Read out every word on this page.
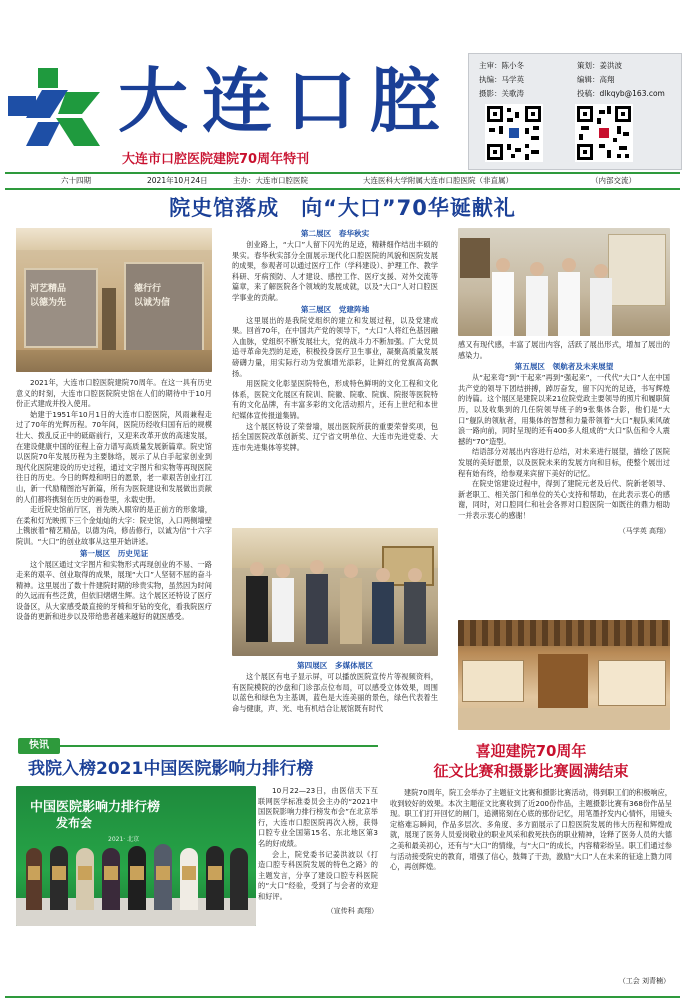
大连口腔
大连市口腔医院建院70周年特刊
主审：陈小冬	策划：姜洪波
执编：马学英	编辑：高翔
摄影：关歌涛	投稿：dlkqyb@163.com
六十四期	2021年10月24日	主办：大连市口腔医院	大连医科大学附属大连市口腔医院（非直属）	（内部交流）
院史馆落成　向“大口”70华诞献礼
河艺精品
以德为先
德行行
以诚为信

2021年，大连市口腔医院建院70周年。在这一具有历史意义的时刻，大连市口腔医院院史馆在人们的期待中于10月份正式建成并投入使用。

始建于1951年10月1日的大连市口腔医院，风雨兼程走过了70年的光辉历程。70年间，医院历经收归国有后的规模壮大、拨乱反正中的砥砺前行，又迎来改革开放的高速发展，在建设健康中国的征程上奋力谱写高质量发展新篇章。院史馆以医院70年发展历程为主要脉络，展示了从白手起家创业到现代化医院建设的历史过程，通过文字图片和实物等再现医院往日的历史。今日的辉煌和明日的愿景，老一辈艰苦创业打江山，新一代励精图治写新篇，所有为医院建设和发展做出贡献的人们都将携刻在历史的画卷里，永载史册。

走近院史馆前厅区，首先映入眼帘的是正前方的形象墙，在柔和灯光映照下三个金灿灿的大字：院史馆，入口两侧墙壁上镌嵌着“精艺精品，以德为尚，修齿修行，以诚为信”十六字院训。“大口”的创业故事从这里开始讲述。

第一展区　历史见证

这个展区通过文字图片和实物形式再现创业的不易、一路走来的艰辛、创业取得的成果，展现“大口”人坚韧不屈的奋斗精神。这里展出了数十件建院时期的珍贵实物，虽然因为时间的久远而有些泛黄，但依旧熠熠生辉。这个展区还特设了医疗设备区，从大家感受最直接的牙椅和牙钻的变化，看我院医疗设备的更新和进步以及带给患者越来越好的就医感受。

第二展区　春华秋实

创业路上，“大口”人留下闪光的足迹，精耕细作结出丰硕的果实。春华秋实部分全面展示现代化口腔医院的风貌和医院发展的成果，参观者可以通过医疗工作（学科建设）、护理工作、教学科研、牙病预防、人才建设、感控工作、医疗支援、对外交流等篇章，来了解医院各个领域的发展成就，以及“大口”人对口腔医学事业的贡献。

第三展区　党建阵地

这里展出的是我院党组织的建立和发展过程，以及党建成果。回首70年，在中国共产党的领导下，“大口”人将红色基因融入血脉，党组织不断发展壮大，党的战斗力不断加强。广大党员追寻革命先烈的足迹，积极投身医疗卫生事业，凝聚高质量发展磅礴力量，用实际行动为党旗增光添彩，让鲜红的党旗高高飘扬。

用医院文化彰显医院特色，形成特色鲜明的文化工程和文化体系，医院文化展区有院训、院徽、院歌、院旗、院报等医院特有的文化品牌，有丰富多彩的文化活动照片，还有上世纪和本世纪媒体宣传报道集锦。

这个展区特设了荣誉墙，展出医院所获的重要荣誉奖项，包括全国医院改革创新奖、辽宁省文明单位、大连市先进党委、大连市先进集体等奖牌。

第四展区　多媒体展区

这个展区有电子显示屏，可以播放医院宣传片等视频资料，有医院模院的沙盘和门诊部点位布局，可以感受立体效果，周围以蓝色和绿色为主基调，蓝色是大连美丽的景色，绿色代表着生命与健康，声、光、电有机结合让展馆既有时代

感又有现代感，丰富了展出内容，活跃了展出形式，增加了展出的感染力。

第五展区　领航者及未来展望

从“起来弯”到“干起来”再到“强起来”，一代代“大口”人在中国共产党的领导下团结拼搏，踔厉奋发，留下闪光的足迹，书写辉煌的诗篇。这个展区是建院以来21位院党政主要领导的照片和履职简历，以及收集到的几任院领导班子的9张集体合影，他们是“大口”舰队的领航者，用集体的智慧和力量带领着“大口”舰队乘风破浪一路向前，同时呈现的还有400多人组成的“大口”队伍和令人震撼的“70”造型。

结语部分对展出内容进行总结，对未来进行展望，描绘了医院发展的美好愿景，以及医院未来的发展方向和目标，使整个展出过程有始有终，给参观来宾留下美好的记忆。

在院史馆建设过程中，得到了建院元老及后代、院新老领导、新老职工、相关部门和单位的关心支持和帮助，在此表示衷心的感谢，同时，对口腔同仁和社会各界对口腔医院一如既往的鼎力相助一并表示衷心的感谢！

（马学英 高翔）
快讯
我院入榜2021中国医院影响力排行榜
中国医院影响力排行榜
发布会
2021· 北京

10月22—23日，由医信天下互联网医学标准委员会主办的“2021中国医院影响力排行榜发布会”在北京举行，大连市口腔医院再次入榜，获得口腔专业全国第15名、东北地区第3名的好成绩。

会上，院党委书记姜洪波以《打造口腔专科医院发展的特色之路》的主题发言，分享了建设口腔专科医院的“大口”经验，受到了与会者的欢迎和好评。

（宣传科 高翔）
喜迎建院70周年
征文比赛和摄影比赛圆满结束

建院70周年，院工会举办了主题征文比赛和摄影比赛活动，得到职工们的积极响应，收到较好的效果。本次主题征文比赛收到了近200份作品，主题摄影比赛有368份作品呈现。职工们打开回忆的闸门，追溯铭刻在心底的那份记忆，用笔墨抒发内心情怀，用镜头定格难忘瞬间，作品多层次、多角度、多方面展示了口腔医院发展的伟大历程和辉煌成就，展现了医务人员爱岗敬业的职业风采和救死扶伤的职业精神，诠释了医务人员的大德之美和最美初心，还有与“大口”的情缘，与“大口”的成长，内容精彩纷呈。职工们通过参与活动接受院史的教育，增强了信心，鼓舞了干劲，激励“大口”人在未来的征途上勠力同心，再创辉煌。

（工会 刘青楠）
